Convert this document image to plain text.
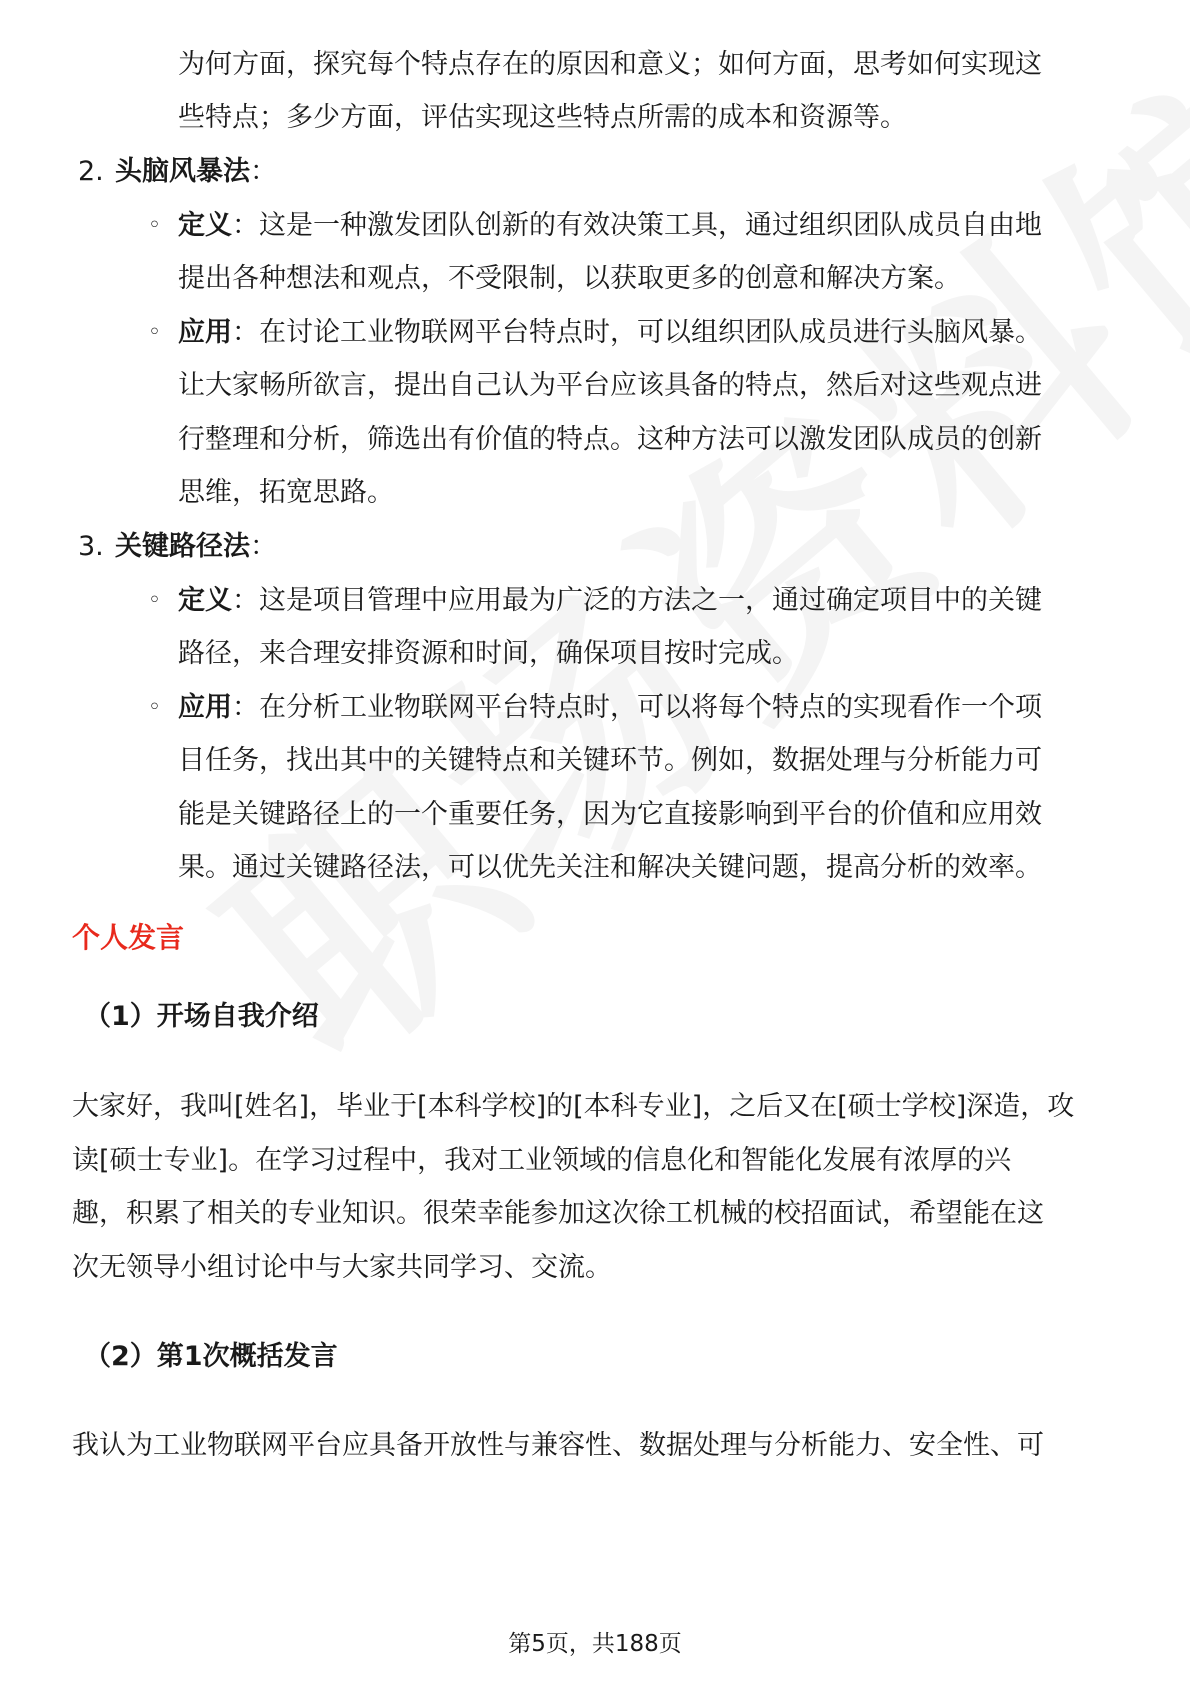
为何方面，探究每个特点存在的原因和意义；如何方面，思考如何实现这
些特点；多少方面，评估实现这些特点所需的成本和资源等。
2. 头脑风暴法：
◦ 定义：这是一种激发团队创新的有效决策工具，通过组织团队成员自由地
提出各种想法和观点，不受限制，以获取更多的创意和解决方案。
◦ 应用：在讨论工业物联网平台特点时，可以组织团队成员进行头脑风暴。
让大家畅所欲言，提出自己认为平台应该具备的特点，然后对这些观点进
行整理和分析，筛选出有价值的特点。这种方法可以激发团队成员的创新
思维，拓宽思路。
3. 关键路径法：
◦ 定义：这是项目管理中应用最为广泛的方法之一，通过确定项目中的关键
路径，来合理安排资源和时间，确保项目按时完成。
◦ 应用：在分析工业物联网平台特点时，可以将每个特点的实现看作一个项
目任务，找出其中的关键特点和关键环节。例如，数据处理与分析能力可
能是关键路径上的一个重要任务，因为它直接影响到平台的价值和应用效
果。通过关键路径法，可以优先关注和解决关键问题，提高分析的效率。
个人发言
（1）开场自我介绍
大家好，我叫[姓名]，毕业于[本科学校]的[本科专业]，之后又在[硕士学校]深造，攻
读[硕士专业]。在学习过程中，我对工业领域的信息化和智能化发展有浓厚的兴
趣，积累了相关的专业知识。很荣幸能参加这次徐工机械的校招面试，希望能在这
次无领导小组讨论中与大家共同学习、交流。
（2）第1次概括发言
我认为工业物联网平台应具备开放性与兼容性、数据处理与分析能力、安全性、可
第5页，共188页
